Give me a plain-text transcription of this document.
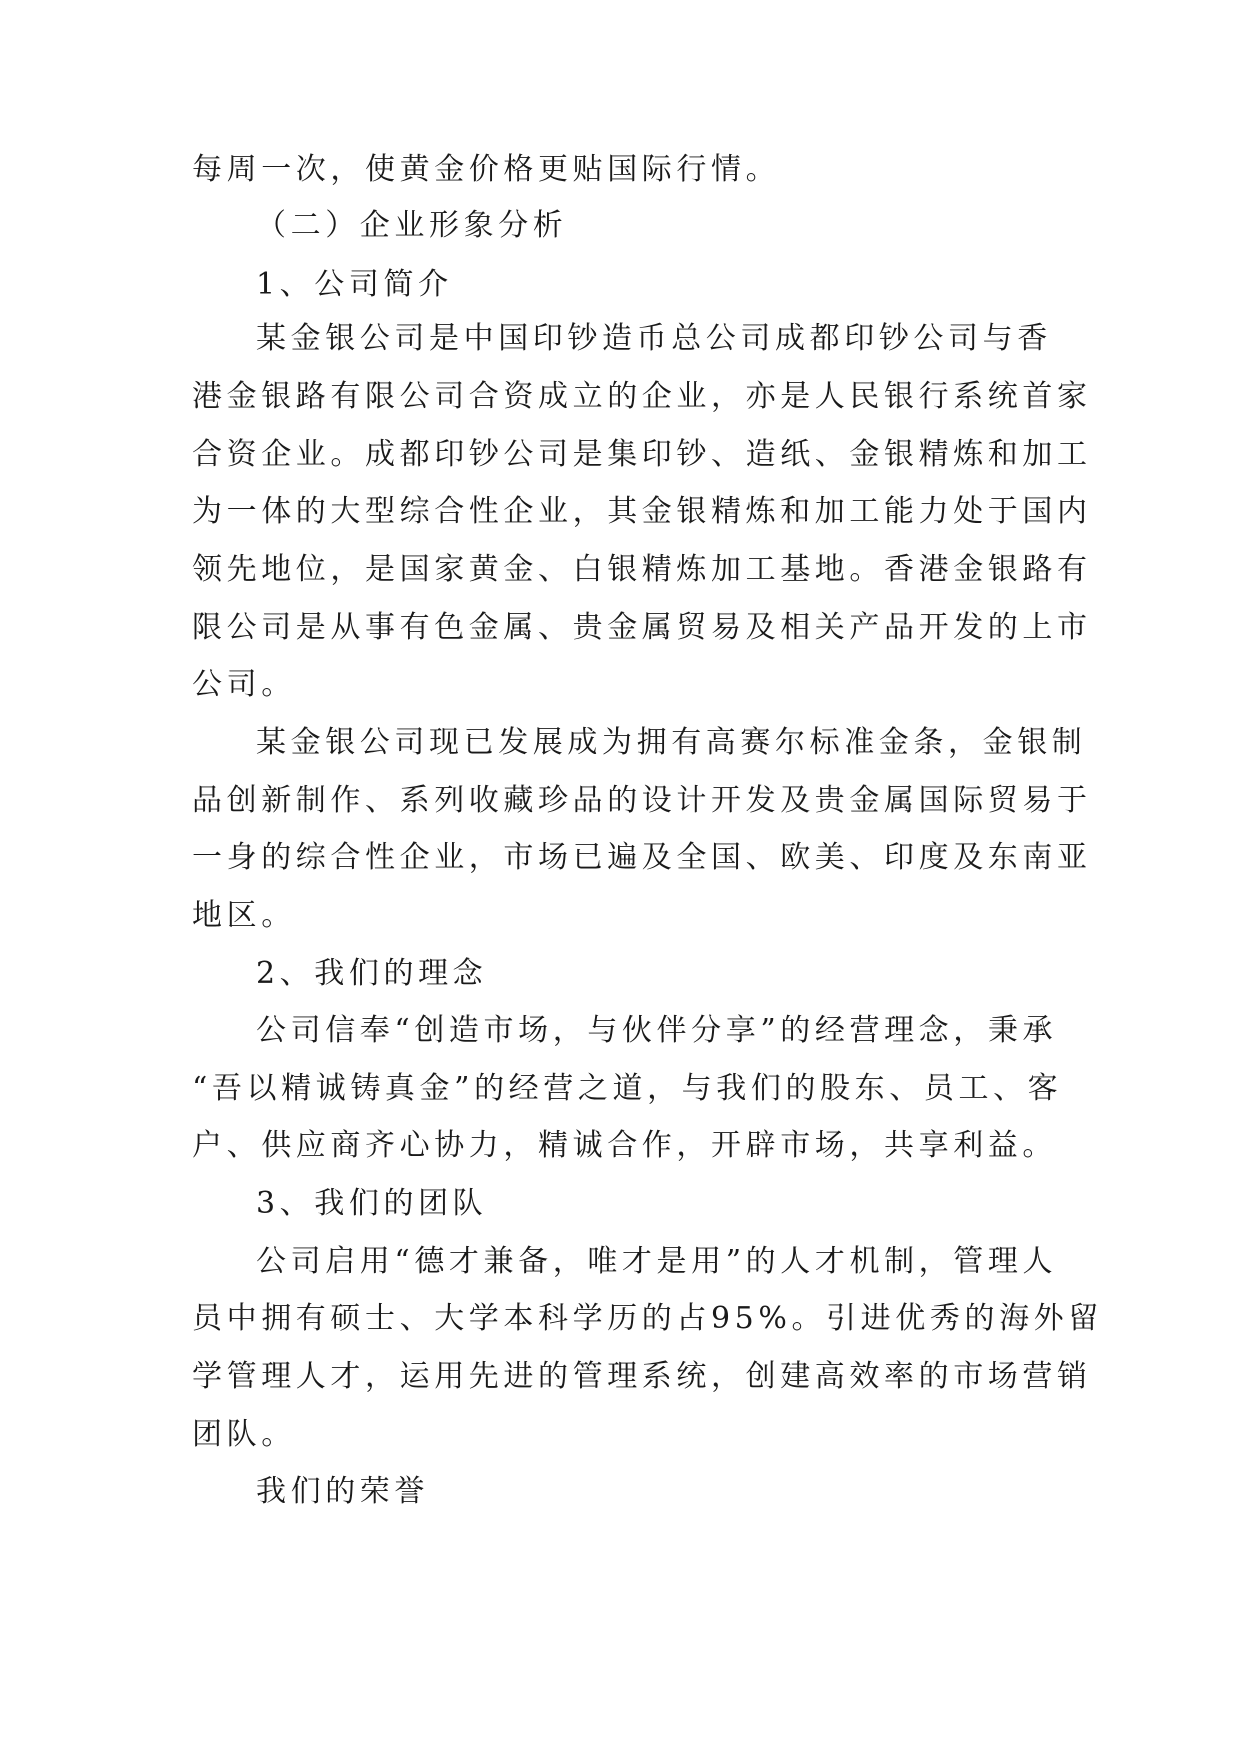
每周一次，使黄金价格更贴国际行情。
（二）企业形象分析
1、公司简介
某金银公司是中国印钞造币总公司成都印钞公司与香
港金银路有限公司合资成立的企业，亦是人民银行系统首家
合资企业。成都印钞公司是集印钞、造纸、金银精炼和加工
为一体的大型综合性企业，其金银精炼和加工能力处于国内
领先地位，是国家黄金、白银精炼加工基地。香港金银路有
限公司是从事有色金属、贵金属贸易及相关产品开发的上市
公司。
某金银公司现已发展成为拥有高赛尔标准金条，金银制
品创新制作、系列收藏珍品的设计开发及贵金属国际贸易于
一身的综合性企业，市场已遍及全国、欧美、印度及东南亚
地区。
2、我们的理念
公司信奉“创造市场，与伙伴分享”的经营理念，秉承
“吾以精诚铸真金”的经营之道，与我们的股东、员工、客
户、供应商齐心协力，精诚合作，开辟市场，共享利益。
3、我们的团队
公司启用“德才兼备，唯才是用”的人才机制，管理人
员中拥有硕士、大学本科学历的占95%。引进优秀的海外留
学管理人才，运用先进的管理系统，创建高效率的市场营销
团队。
我们的荣誉
